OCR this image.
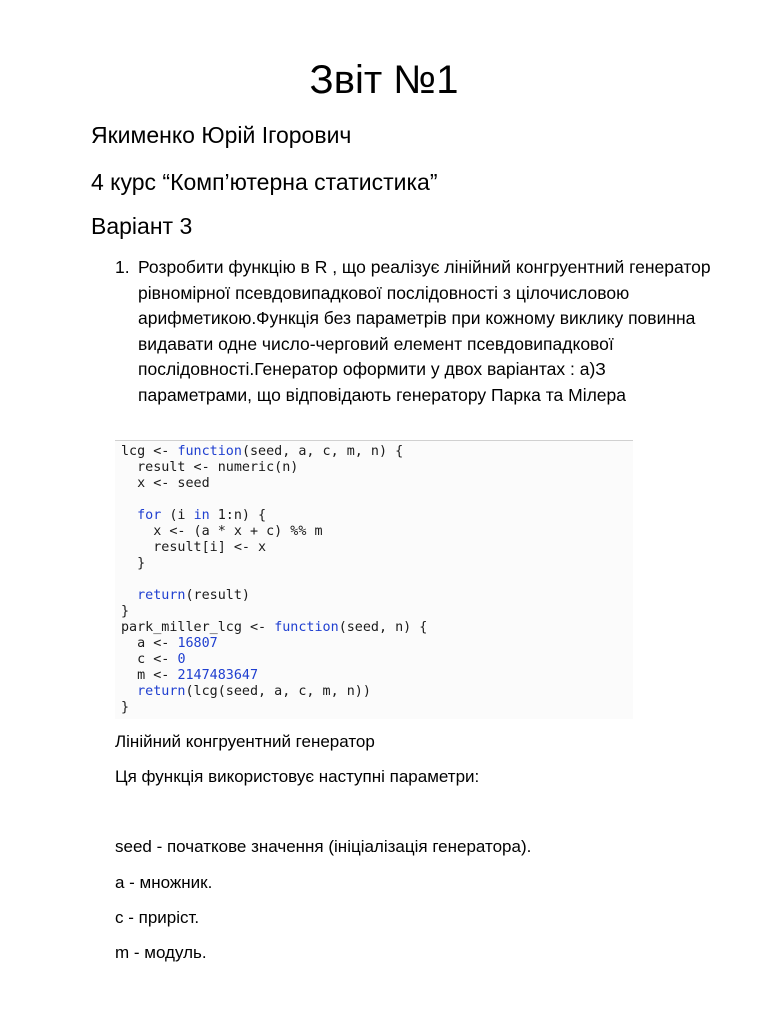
Звіт №1
Якименко Юрій Ігорович
4 курс “Комп’ютерна статистика”
Варіант 3
1. Розробити функцію в R , що реалізує лінійний конгруентний генератор рівномірної псевдовипадкової послідовності з цілочисловою арифметикою.Функція без параметрів при кожному виклику повинна видавати одне число-черговий елемент псевдовипадкової послідовності.Генератор оформити у двох варіантах : а)З параметрами, що відповідають генератору Парка та Мілера
lcg <- function(seed, a, c, m, n) {
result <- numeric(n)
x <- seed

for (i in 1:n) {
x <- (a * x + c) %% m
result[i] <- x
}

return(result)
}
park_miller_lcg <- function(seed, n) {
a <- 16807
c <- 0
m <- 2147483647
return(lcg(seed, a, c, m, n))
}
Лінійний конгруентний генератор
Ця функція використовує наступні параметри:
seed - початкове значення (ініціалізація генератора).
a - множник.
c - приріст.
m - модуль.
